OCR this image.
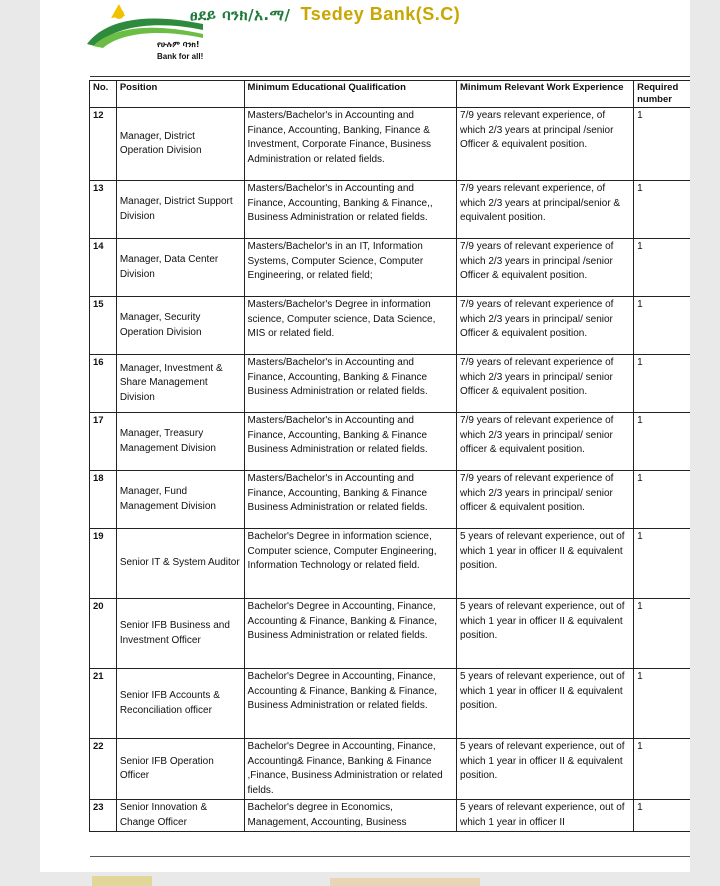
የሁሉም ባንክ!
Bank for all!
ፀደይ ባንክ/አ.ማ/ Tsedey Bank(S.C)
No.	Position	Minimum Educational Qualification	Minimum Relevant Work Experience	Required number
12	Manager, District Operation Division	Masters/Bachelor's in Accounting and Finance, Accounting, Banking, Finance & Investment, Corporate Finance, Business Administration or related fields.	7/9 years relevant experience, of which 2/3 years at principal /senior Officer & equivalent position.	1
13	Manager, District Support Division	Masters/Bachelor's in Accounting and Finance, Accounting, Banking & Finance,, Business Administration or related fields.	7/9 years relevant experience, of which 2/3 years at principal/senior & equivalent position.	1
14	Manager, Data Center Division	Masters/Bachelor's in an IT, Information Systems, Computer Science, Computer Engineering, or related field;	7/9 years of relevant experience of which 2/3 years in principal /senior Officer & equivalent position.	1
15	Manager, Security Operation Division	Masters/Bachelor's Degree in information science, Computer science, Data Science, MIS or related field.	7/9 years of relevant experience of which 2/3 years in principal/ senior Officer & equivalent position.	1
16	Manager, Investment & Share Management Division	Masters/Bachelor's in Accounting and Finance, Accounting, Banking & Finance Business Administration or related fields.	7/9 years of relevant experience of which 2/3 years in principal/ senior Officer & equivalent position.	1
17	Manager, Treasury Management Division	Masters/Bachelor's in Accounting and Finance, Accounting, Banking & Finance Business Administration or related fields.	7/9 years of relevant experience of which 2/3 years in principal/ senior officer & equivalent position.	1
18	Manager, Fund Management Division	Masters/Bachelor's in Accounting and Finance, Accounting, Banking & Finance Business Administration or related fields.	7/9 years of relevant experience of which 2/3 years in principal/ senior officer & equivalent position.	1
19	Senior IT & System Auditor	Bachelor's Degree in information science, Computer science, Computer Engineering, Information Technology or related field.	5 years of relevant experience, out of which 1 year in officer II & equivalent position.	1
20	Senior IFB Business and Investment Officer	Bachelor's Degree in Accounting, Finance, Accounting & Finance, Banking & Finance, Business Administration or related fields.	5 years of relevant experience, out of which 1 year in officer II & equivalent position.	1
21	Senior IFB Accounts & Reconciliation officer	Bachelor's Degree in Accounting, Finance, Accounting & Finance, Banking & Finance, Business Administration or related fields.	5 years of relevant experience, out of which 1 year in officer II & equivalent position.	1
22	Senior IFB Operation Officer	Bachelor's Degree in Accounting, Finance, Accounting& Finance, Banking & Finance ,Finance, Business Administration or related fields.	5 years of relevant experience, out of which 1 year in officer II & equivalent position.	1
23	Senior Innovation & Change Officer	Bachelor's degree in Economics, Management, Accounting, Business	5 years of relevant experience, out of which 1 year in officer II	1
